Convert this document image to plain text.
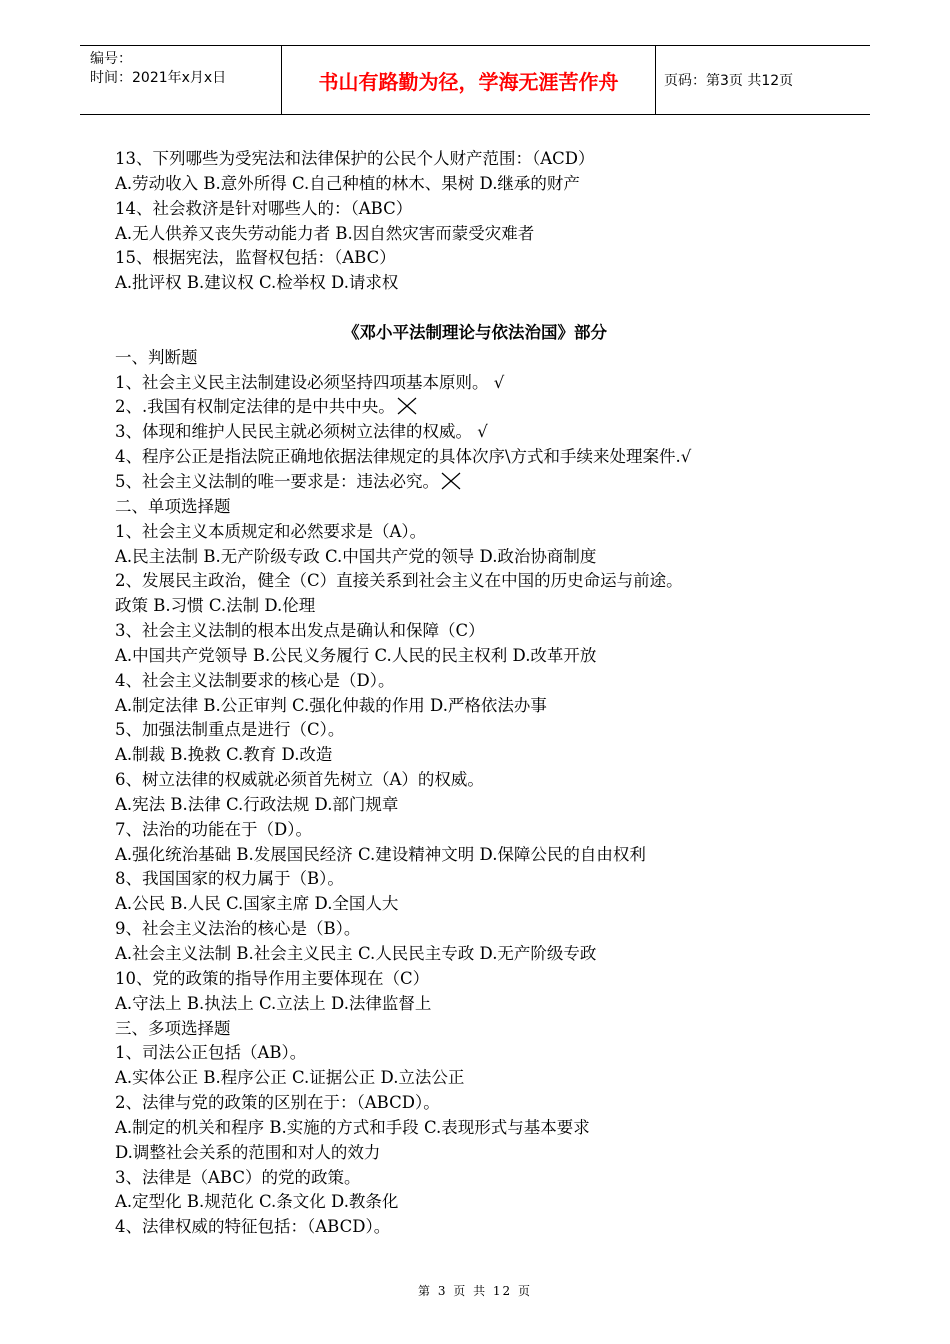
编号：
时间：2021年x月x日	书山有路勤为径，学海无涯苦作舟	页码：第3页 共12页
13、下列哪些为受宪法和法律保护的公民个人财产范围：（ACD）
A.劳动收入 B.意外所得 C.自己种植的林木、果树 D.继承的财产
14、社会救济是针对哪些人的：（ABC）
A.无人供养又丧失劳动能力者 B.因自然灾害而蒙受灾难者
15、根据宪法，监督权包括：（ABC）
A.批评权 B.建议权 C.检举权 D.请求权
《邓小平法制理论与依法治国》部分
一、判断题
1、社会主义民主法制建设必须坚持四项基本原则。 √
2、.我国有权制定法律的是中共中央。
3、体现和维护人民民主就必须树立法律的权威。 √
4、程序公正是指法院正确地依据法律规定的具体次序\方式和手续来处理案件.√
5、社会主义法制的唯一要求是：违法必究。
二、单项选择题
1、社会主义本质规定和必然要求是（A）。
A.民主法制 B.无产阶级专政 C.中国共产党的领导 D.政治协商制度
2、发展民主政治，健全（C）直接关系到社会主义在中国的历史命运与前途。
政策 B.习惯 C.法制 D.伦理
3、社会主义法制的根本出发点是确认和保障（C）
A.中国共产党领导 B.公民义务履行 C.人民的民主权利 D.改革开放
4、社会主义法制要求的核心是（D）。
A.制定法律 B.公正审判 C.强化仲裁的作用 D.严格依法办事
5、加强法制重点是进行（C）。
A.制裁 B.挽救 C.教育 D.改造
6、树立法律的权威就必须首先树立（A）的权威。
A.宪法 B.法律 C.行政法规 D.部门规章
7、法治的功能在于（D）。
A.强化统治基础 B.发展国民经济 C.建设精神文明 D.保障公民的自由权利
8、我国国家的权力属于（B）。
A.公民 B.人民 C.国家主席 D.全国人大
9、社会主义法治的核心是（B）。
A.社会主义法制 B.社会主义民主 C.人民民主专政 D.无产阶级专政
10、党的政策的指导作用主要体现在（C）
A.守法上 B.执法上 C.立法上 D.法律监督上
三、多项选择题
1、司法公正包括（AB）。
A.实体公正 B.程序公正 C.证据公正 D.立法公正
2、法律与党的政策的区别在于：（ABCD）。
A.制定的机关和程序 B.实施的方式和手段 C.表现形式与基本要求
D.调整社会关系的范围和对人的效力
3、法律是（ABC）的党的政策。
A.定型化 B.规范化 C.条文化 D.教条化
4、法律权威的特征包括：（ABCD）。
第 3 页 共 12 页
